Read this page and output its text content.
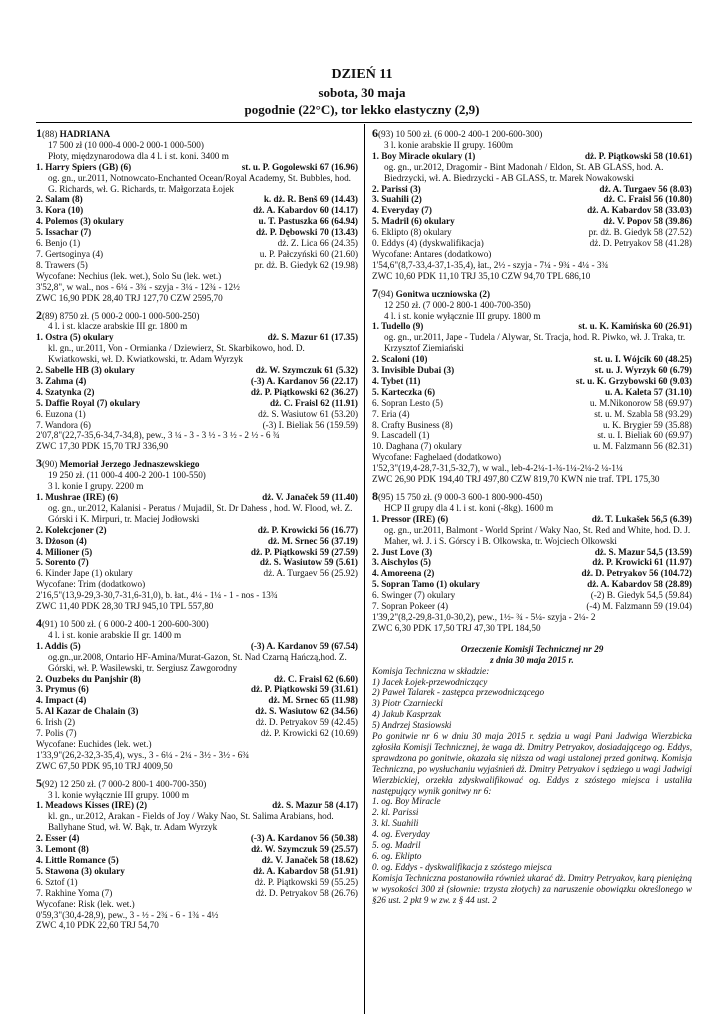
DZIEŃ 11
sobota, 30 maja
pogodnie (22°C), tor lekko elastyczny (2,9)
1(88) HADRIANA
17 500 zł (10 000-4 000-2 000-1 000-500)
Płoty, międzynarodowa dla 4 l. i st. koni. 3400 m
1. Harry Spiers (GB) (6)	st. u. P. Gogolewski 67 (16.96)
og. gn., ur.2011, Notnowcato-Enchanted Ocean/Royal Academy, St. Bubbles, hod. G. Richards, wł. G. Richards, tr. Małgorzata Łojek
2. Salam (8)	k. dż. R. Benš 69 (14.43)
3. Kora (10)	dż. A. Kabardov 60 (14.17)
4. Polemos (3) okulary	u. T. Pastuszka 66 (64.94)
5. Issachar (7)	dż. P. Dębowski 70 (13.43)
6. Benjo (1)	dż. Z. Lica 66 (24.35)
7. Gertsoginya (4)	u. P. Pałczyński 60 (21.60)
8. Trawers (5)	pr. dż. B. Giedyk 62 (19.98)
Wycofane: Nechius (lek. wet.), Solo Su (lek. wet.)
3'52,8", w wal., nos - 6¼ - 3¾ - szyja - 3¼ - 12¾ - 12½
ZWC 16,90 PDK 28,40 TRJ 127,70 CZW 2595,70
2(89) 8750 zł. (5 000-2 000-1 000-500-250)
4 l. i st. klacze arabskie III gr. 1800 m
1. Ostra (5) okulary	dż. S. Mazur 61 (17.35)
kl. gn., ur.2011, Von - Ormianka / Dziewierz, St. Skarbikowo, hod. D. Kwiatkowski, wł. D. Kwiatkowski, tr. Adam Wyrzyk
2. Sabelle HB (3) okulary	dż. W. Szymczuk 61 (5.32)
3. Zahma (4)	(-3) A. Kardanov 56 (22.17)
4. Szatynka (2)	dż. P. Piątkowski 62 (36.27)
5. Daffie Royal (7) okulary	dż. C. Fraisl 62 (11.91)
6. Euzona (1)	dż. S. Wasiutow 61 (53.20)
7. Wandora (6)	(-3) I. Bieliak 56 (159.59)
2'07,8"(22,7-35,6-34,7-34,8), pew., 3 ¼ - 3 - 3 ½ - 3 ½ - 2 ½ - 6 ¾
ZWC 17,30 PDK 15,70 TRJ 336,90
3(90) Memoriał Jerzego Jednaszewskiego
19 250 zł. (11 000-4 400-2 200-1 100-550)
3 l. konie I grupy. 2200 m
1. Mushrae (IRE) (6)	dż. V. Janaček 59 (11.40)
og. gn., ur.2012, Kalanisi - Peratus / Mujadil, St. Dr Dahess , hod. W. Flood, wł. Z. Górski i K. Mirpuri, tr. Maciej Jodłowski
2. Kolekcjoner (2)	dż. P. Krowicki 56 (16.77)
3. Dżoson (4)	dż. M. Srnec 56 (37.19)
4. Milioner (5)	dż. P. Piątkowski 59 (27.59)
5. Sorento (7)	dż. S. Wasiutow 59 (5.61)
6. Kinder Jape (1) okulary	dż. A. Turgaev 56 (25.92)
Wycofane: Trim (dodatkowo)
2'16,5"(13,9-29,3-30,7-31,6-31,0), b. łat., 4¼ - 1¼ - 1 - nos - 13¾
ZWC 11,40 PDK 28,30 TRJ 945,10 TPL 557,80
4(91) 10 500 zł. ( 6 000-2 400-1 200-600-300)
4 l. i st. konie arabskie II gr. 1400 m
1. Addis (5)	(-3) A. Kardanov 59 (67.54)
og.gn.,ur.2008, Ontario HF-Amina/Murat-Gazon, St. Nad Czarną Hańczą,hod. Z. Górski, wł. P. Wasilewski, tr. Sergiusz Zawgorodny
2. Ouzbeks du Panjshir (8)	dż. C. Fraisl 62 (6.60)
3. Prymus (6)	dż. P. Piątkowski 59 (31.61)
4. Impact (4)	dż. M. Srnec 65 (11.98)
5. Al Kazar de Chalain (3)	dż. S. Wasiutow 62 (34.56)
6. Irish (2)	dż. D. Petryakov 59 (42.45)
7. Polis (7)	dż. P. Krowicki 62 (10.69)
Wycofane: Euchides (lek. wet.)
1'33,9"(26,2-32,3-35,4), wys., 3 - 6¼ - 2¼ - 3½ - 3½ - 6¾
ZWC 67,50 PDK 95,10 TRJ 4009,50
5(92) 12 250 zł. (7 000-2 800-1 400-700-350)
3 l. konie wyłącznie III grupy. 1000 m
1. Meadows Kisses (IRE) (2)	dż. S. Mazur 58 (4.17)
kl. gn., ur.2012, Arakan - Fields of Joy / Waky Nao, St. Salima Arabians, hod. Ballyhane Stud, wł. W. Bąk, tr. Adam Wyrzyk
2. Esser (4)	(-3) A. Kardanov 56 (50.38)
3. Lemont (8)	dż. W. Szymczuk 59 (25.57)
4. Little Romance (5)	dż. V. Janaček 58 (18.62)
5. Stawona (3) okulary	dż. A. Kabardov 58 (51.91)
6. Sztof (1)	dż. P. Piątkowski 59 (55.25)
7. Rakhine Yoma (7)	dż. D. Petryakov 58 (26.76)
Wycofane: Risk (lek. wet.)
0'59,3"(30,4-28,9), pew., 3 - ½ - 2¾ - 6 - 1¾ - 4½
ZWC 4,10 PDK 22,60 TRJ 54,70
6(93) 10 500 zł. (6 000-2 400-1 200-600-300)
3 l. konie arabskie II grupy. 1600m
1. Boy Miracle okulary (1)	dż. P. Piątkowski 58 (10.61)
og. gn., ur.2012, Dragomir - Bint Madonah / Eldon, St. AB GLASS, hod. A. Biedrzycki, wł. A. Biedrzycki - AB GLASS, tr. Marek Nowakowski
2. Parissi (3)	dż. A. Turgaev 56 (8.03)
3. Suahili (2)	dż. C. Fraisl 56 (10.80)
4. Everyday (7)	dż. A. Kabardov 58 (33.03)
5. Madril (6) okulary	dż. V. Popov 58 (39.86)
6. Eklipto (8) okulary	pr. dż. B. Giedyk 58 (27.52)
0. Eddys (4) (dyskwalifikacja)	dż. D. Petryakov 58 (41.28)
Wycofane: Antares (dodatkowo)
1'54,6"(8,7-33,4-37,1-35,4), łat., 2½ - szyja - 7¼ - 9¾ - 4¼ - 3¾
ZWC 10,60 PDK 11,10 TRJ 35,10 CZW 94,70 TPL 686,10
7(94) Gonitwa uczniowska (2)
12 250 zł. (7 000-2 800-1 400-700-350)
4 l. i st. konie wyłącznie III grupy. 1800 m
1. Tudello (9)	st. u. K. Kamińska 60 (26.91)
og. gn., ur.2011, Jape - Tudela / Alywar, St. Tracja, hod. R. Piwko, wł. J. Traka, tr. Krzysztof Ziemiański
2. Scaloni (10)	st. u. I. Wójcik 60 (48.25)
3. Invisible Dubai (3)	st. u. J. Wyrzyk 60 (6.79)
4. Tybet (11)	st. u. K. Grzybowski 60 (9.03)
5. Karteczka (6)	u. A. Kaleta 57 (31.10)
6. Sopran Lesto (5)	u. M.Nikonorow 58 (69.97)
7. Eria (4)	st. u. M. Szabla 58 (93.29)
8. Crafty Business (8)	u. K. Brygier 59 (35.88)
9. Lascadell (1)	st. u. I. Bieliak 60 (69.97)
10. Daghana (7) okulary	u. M. Falzmann 56 (82.31)
Wycofane: Faghelaed (dodatkowo)
1'52,3"(19,4-28,7-31,5-32,7), w wal., leb-4-2¼-1-¾-1¼-2¼-2 ¼-1¼
ZWC 26,90 PDK 194,40 TRJ 497,80 CZW 819,70 KWN nie traf. TPL 175,30
8(95) 15 750 zł. (9 000-3 600-1 800-900-450)
HCP II grupy dla 4 l. i st. koni (-8kg). 1600 m
1. Pressor (IRE) (6)	dż. T. Lukašek 56,5 (6.39)
og. gn., ur.2011, Balmont - World Sprint / Waky Nao, St. Red and White, hod. D. J. Maher, wł. J. i S. Górscy i B. Olkowska, tr. Wojciech Olkowski
2. Just Love (3)	dż. S. Mazur 54,5 (13.59)
3. Aischylos (5)	dż. P. Krowicki 61 (11.97)
4. Amoreena (2)	dż. D. Petryakov 56 (104.72)
5. Sopran Tamo (1) okulary	dż. A. Kabardov 58 (28.89)
6. Swinger (7) okulary	(-2) B. Giedyk 54,5 (59.84)
7. Sopran Pokeer (4)	(-4) M. Falzmann 59 (19.04)
1'39,2"(8,2-29,8-31,0-30,2), pew., 1½- ¾ - 5¼- szyja - 2¼- 2
ZWC 6,30 PDK 17,50 TRJ 47,30 TPL 184,50
Orzeczenie Komisji Technicznej nr 29
z dnia 30 maja 2015 r.
Komisja Techniczna w składzie:
1) Jacek Łojek-przewodniczący
2) Paweł Talarek - zastępca przewodniczącego
3) Piotr Czarniecki
4) Jakub Kasprzak
5) Andrzej Stasiowski

Po gonitwie nr 6 w dniu 30 maja 2015 r. sędzia u wagi Pani Jadwiga Wierzbicka zgłosiła Komisji Technicznej, że waga dż. Dmitry Petryakov, dosiadającego og. Eddys, sprawdzona po gonitwie, okazała się niższa od wagi ustalonej przed gonitwą. Komisja Techniczna, po wysłuchaniu wyjaśnień dż. Dmitry Petryakov i sędziego u wagi Jadwigi Wierzbickiej, orzekła zdyskwalifikować og. Eddys z szóstego miejsca i ustaliła następujący wynik gonitwy nr 6:

1. og. Boy Miracle
2. kl. Parissi
3. kl. Suahili
4. og. Everyday
5. og. Madril
6. og. Eklipto
0. og. Eddys - dyskwalifikacja z szóstego miejsca

Komisja Techniczna postanowiła również ukarać dż. Dmitry Petryakov, karą pieniężną w wysokości 300 zł (słownie: trzysta złotych) za naruszenie obowiązku określonego w §26 ust. 2 pkt 9 w zw. z § 44 ust. 2
